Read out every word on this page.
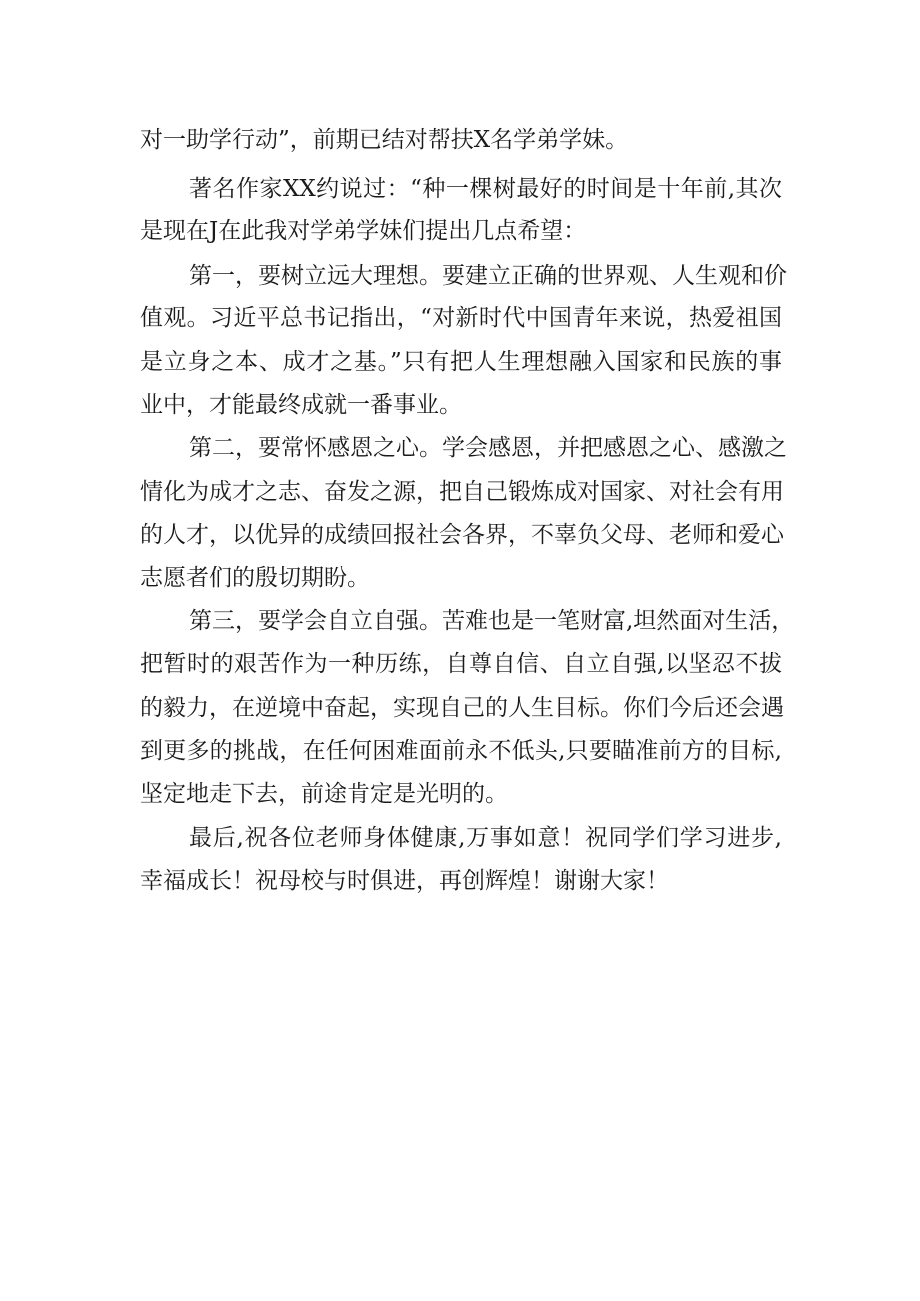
对一助学行动”，前期已结对帮扶X名学弟学妹。
著名作家XX约说过：“种一棵树最好的时间是十年前,其次
是现在J在此我对学弟学妹们提出几点希望：
第一，要树立远大理想。要建立正确的世界观、人生观和价
值观。习近平总书记指出，“对新时代中国青年来说，热爱祖国
是立身之本、成才之基。”只有把人生理想融入国家和民族的事
业中，才能最终成就一番事业。
第二，要常怀感恩之心。学会感恩，并把感恩之心、感激之
情化为成才之志、奋发之源，把自己锻炼成对国家、对社会有用
的人才，以优异的成绩回报社会各界，不辜负父母、老师和爱心
志愿者们的殷切期盼。
第三，要学会自立自强。苦难也是一笔财富,坦然面对生活，
把暂时的艰苦作为一种历练，自尊自信、自立自强,以坚忍不拔
的毅力，在逆境中奋起，实现自己的人生目标。你们今后还会遇
到更多的挑战，在任何困难面前永不低头,只要瞄准前方的目标,
坚定地走下去，前途肯定是光明的。
最后,祝各位老师身体健康,万事如意！祝同学们学习进步,
幸福成长！祝母校与时俱进，再创辉煌！谢谢大家！
